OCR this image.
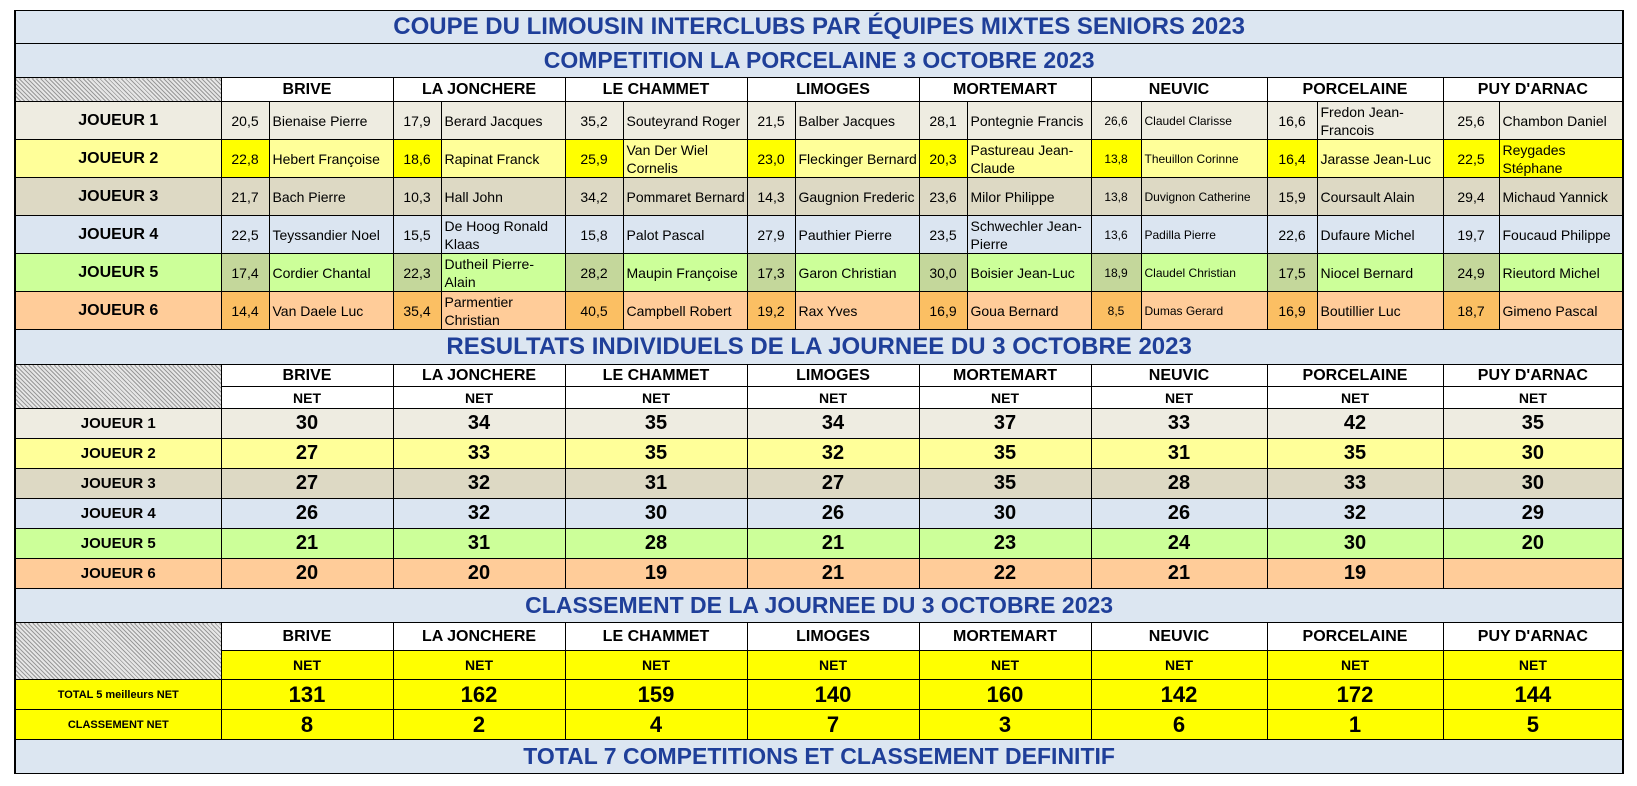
COUPE DU LIMOUSIN INTERCLUBS PAR ÉQUIPES MIXTES SENIORS 2023																
COMPETITION LA PORCELAINE 3 OCTOBRE 2023																
	BRIVE		LA JONCHERE		LE CHAMMET		LIMOGES		MORTEMART		NEUVIC		PORCELAINE		PUY D'ARNAC	
JOUEUR 1	20,5	Bienaise Pierre	17,9	Berard Jacques	35,2	Souteyrand Roger	21,5	Balber Jacques	28,1	Pontegnie Francis	26,6	Claudel Clarisse	16,6	Fredon Jean-Francois	25,6	Chambon Daniel
JOUEUR 2	22,8	Hebert Françoise	18,6	Rapinat Franck	25,9	Van Der Wiel Cornelis	23,0	Fleckinger Bernard	20,3	Pastureau Jean-Claude	13,8	Theuillon Corinne	16,4	Jarasse Jean-Luc	22,5	Reygades Stéphane
JOUEUR 3	21,7	Bach Pierre	10,3	Hall John	34,2	Pommaret Bernard	14,3	Gaugnion Frederic	23,6	Milor Philippe	13,8	Duvignon Catherine	15,9	Coursault Alain	29,4	Michaud Yannick
JOUEUR 4	22,5	Teyssandier Noel	15,5	De Hoog Ronald Klaas	15,8	Palot Pascal	27,9	Pauthier Pierre	23,5	Schwechler Jean-Pierre	13,6	Padilla Pierre	22,6	Dufaure Michel	19,7	Foucaud Philippe
JOUEUR 5	17,4	Cordier Chantal	22,3	Dutheil Pierre-Alain	28,2	Maupin Françoise	17,3	Garon Christian	30,0	Boisier Jean-Luc	18,9	Claudel Christian	17,5	Niocel Bernard	24,9	Rieutord Michel
JOUEUR 6	14,4	Van Daele Luc	35,4	Parmentier Christian	40,5	Campbell Robert	19,2	Rax Yves	16,9	Goua Bernard	8,5	Dumas Gerard	16,9	Boutillier Luc	18,7	Gimeno Pascal
RESULTATS INDIVIDUELS DE LA JOURNEE DU 3 OCTOBRE 2023																
	BRIVE		LA JONCHERE		LE CHAMMET		LIMOGES		MORTEMART		NEUVIC		PORCELAINE		PUY D'ARNAC	
	NET		NET		NET		NET		NET		NET		NET		NET	
JOUEUR 1	30		34		35		34		37		33		42		35	
JOUEUR 2	27		33		35		32		35		31		35		30	
JOUEUR 3	27		32		31		27		35		28		33		30	
JOUEUR 4	26		32		30		26		30		26		32		29	
JOUEUR 5	21		31		28		21		23		24		30		20	
JOUEUR 6	20		20		19		21		22		21		19			
CLASSEMENT DE LA JOURNEE DU 3 OCTOBRE 2023																
	BRIVE		LA JONCHERE		LE CHAMMET		LIMOGES		MORTEMART		NEUVIC		PORCELAINE		PUY D'ARNAC	
	NET		NET		NET		NET		NET		NET		NET		NET	
TOTAL 5 meilleurs NET	131		162		159		140		160		142		172		144	
CLASSEMENT NET	8		2		4		7		3		6		1		5	
TOTAL 7 COMPETITIONS ET CLASSEMENT DEFINITIF																
